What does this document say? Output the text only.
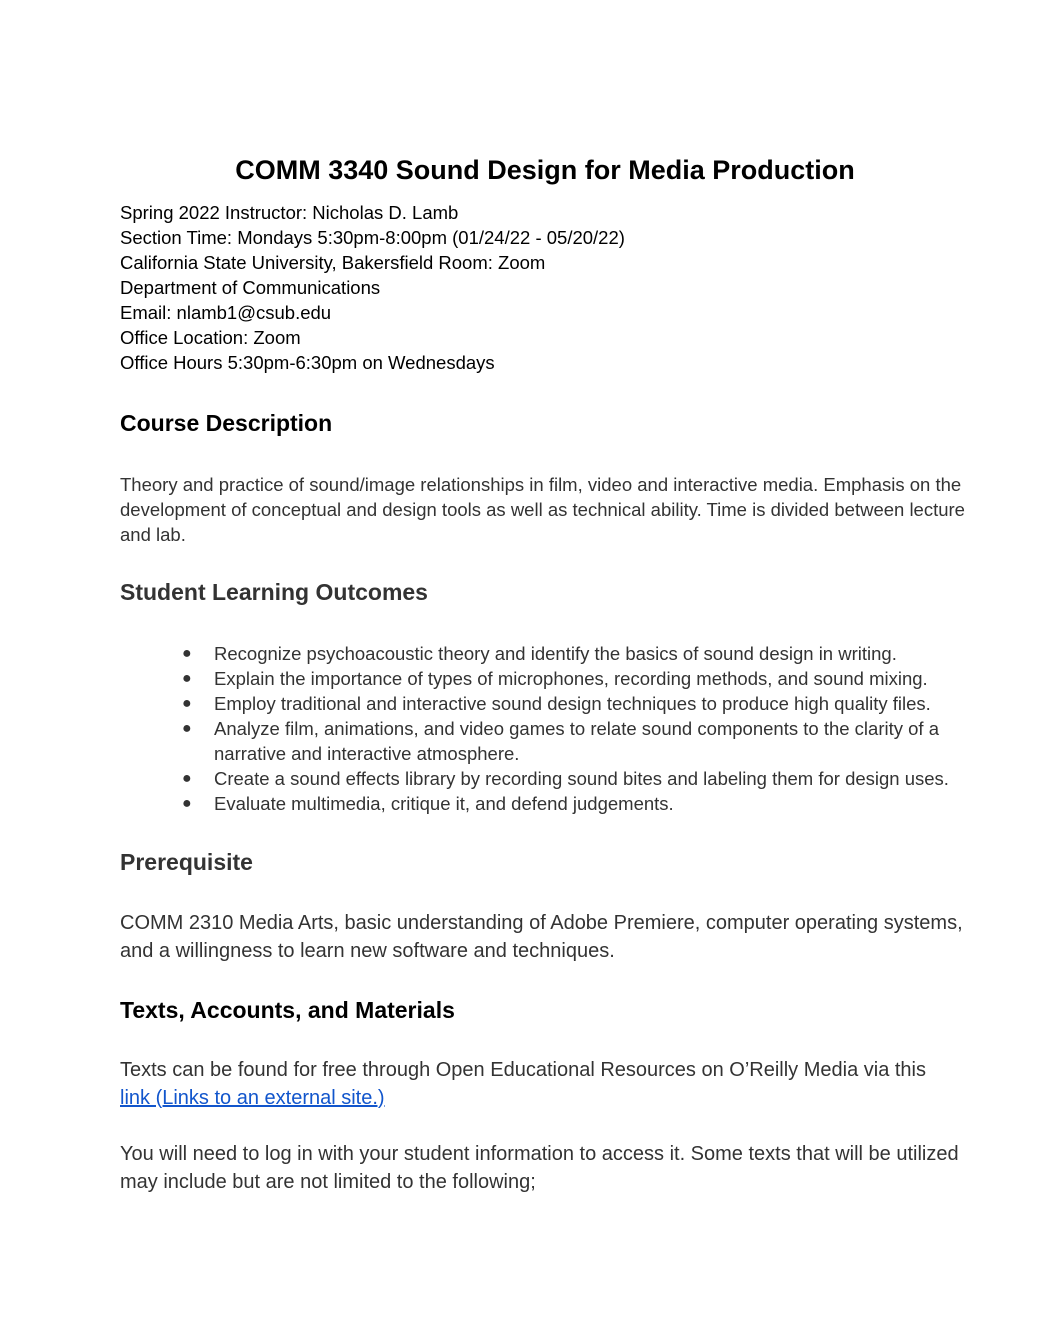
COMM 3340 Sound Design for Media Production
Spring 2022 Instructor: Nicholas D. Lamb
Section Time: Mondays 5:30pm-8:00pm (01/24/22 - 05/20/22)
California State University, Bakersfield Room: Zoom
Department of Communications
Email: nlamb1@csub.edu
Office Location: Zoom
Office Hours 5:30pm-6:30pm on Wednesdays
Course Description

Theory and practice of sound/image relationships in film, video and interactive media. Emphasis on the development of conceptual and design tools as well as technical ability. Time is divided between lecture and lab.

Student Learning Outcomes
● Recognize psychoacoustic theory and identify the basics of sound design in writing.
● Explain the importance of types of microphones, recording methods, and sound mixing.
● Employ traditional and interactive sound design techniques to produce high quality files.
● Analyze film, animations, and video games to relate sound components to the clarity of a narrative and interactive atmosphere.
● Create a sound effects library by recording sound bites and labeling them for design uses.
● Evaluate multimedia, critique it, and defend judgements.
Prerequisite

COMM 2310 Media Arts, basic understanding of Adobe Premiere, computer operating systems, and a willingness to learn new software and techniques.

Texts, Accounts, and Materials

Texts can be found for free through Open Educational Resources on O’Reilly Media via this
link (Links to an external site.)

You will need to log in with your student information to access it. Some texts that will be utilized may include but are not limited to the following;
